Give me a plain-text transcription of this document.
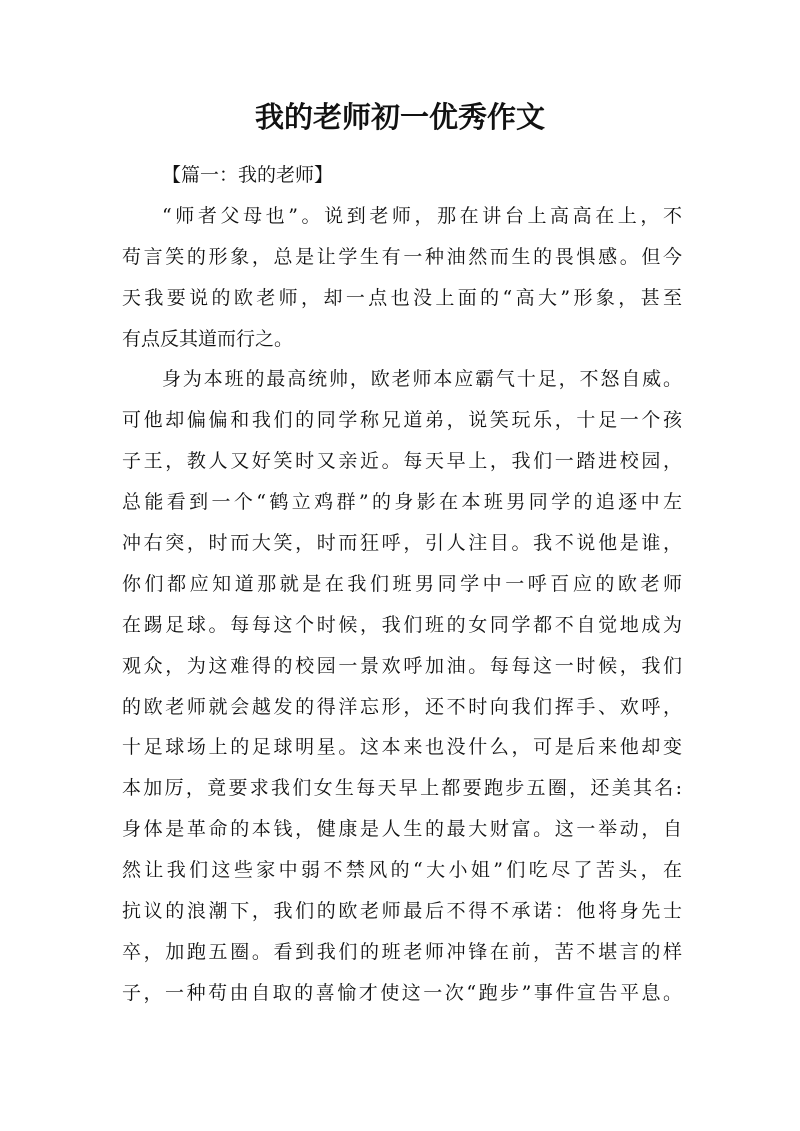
我的老师初一优秀作文
【篇一：我的老师】
“师者父母也”。说到老师，那在讲台上高高在上，不
苟言笑的形象，总是让学生有一种油然而生的畏惧感。但今
天我要说的欧老师，却一点也没上面的“高大”形象，甚至
有点反其道而行之。
身为本班的最高统帅，欧老师本应霸气十足，不怒自威。
可他却偏偏和我们的同学称兄道弟，说笑玩乐，十足一个孩
子王，教人又好笑时又亲近。每天早上，我们一踏进校园，
总能看到一个“鹤立鸡群”的身影在本班男同学的追逐中左
冲右突，时而大笑，时而狂呼，引人注目。我不说他是谁，
你们都应知道那就是在我们班男同学中一呼百应的欧老师
在踢足球。每每这个时候，我们班的女同学都不自觉地成为
观众，为这难得的校园一景欢呼加油。每每这一时候，我们
的欧老师就会越发的得洋忘形，还不时向我们挥手、欢呼，
十足球场上的足球明星。这本来也没什么，可是后来他却变
本加厉，竟要求我们女生每天早上都要跑步五圈，还美其名:
身体是革命的本钱，健康是人生的最大财富。这一举动，自
然让我们这些家中弱不禁风的“大小姐”们吃尽了苦头，在
抗议的浪潮下，我们的欧老师最后不得不承诺：他将身先士
卒，加跑五圈。看到我们的班老师冲锋在前，苦不堪言的样
子，一种苟由自取的喜愉才使这一次“跑步”事件宣告平息。
